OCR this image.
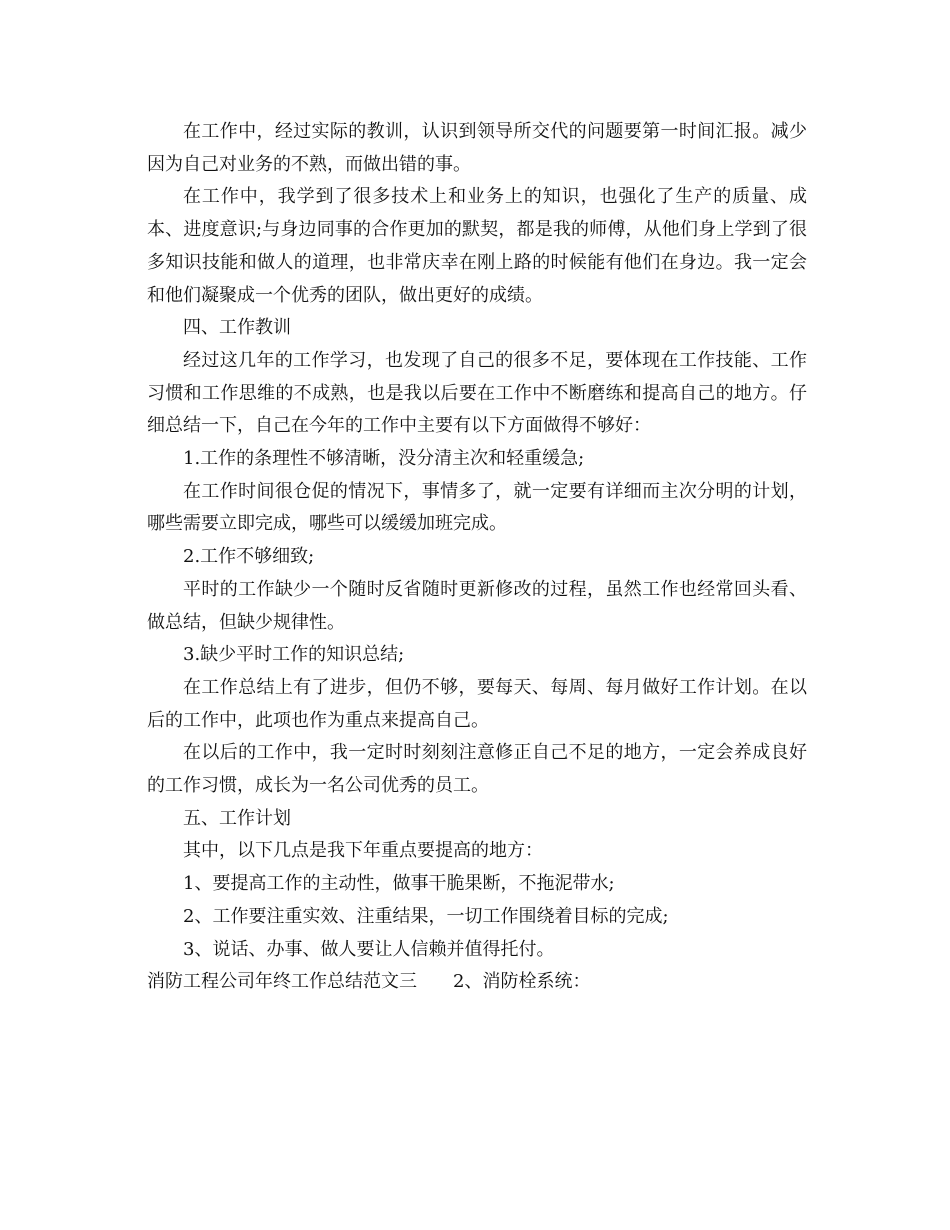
在工作中，经过实际的教训，认识到领导所交代的问题要第一时间汇报。减少因为自己对业务的不熟，而做出错的事。

在工作中，我学到了很多技术上和业务上的知识，也强化了生产的质量、成本、进度意识;与身边同事的合作更加的默契，都是我的师傅，从他们身上学到了很多知识技能和做人的道理，也非常庆幸在刚上路的时候能有他们在身边。我一定会和他们凝聚成一个优秀的团队，做出更好的成绩。

四、工作教训

经过这几年的工作学习，也发现了自己的很多不足，要体现在工作技能、工作习惯和工作思维的不成熟，也是我以后要在工作中不断磨练和提高自己的地方。仔细总结一下，自己在今年的工作中主要有以下方面做得不够好：

1.工作的条理性不够清晰，没分清主次和轻重缓急;

在工作时间很仓促的情况下，事情多了，就一定要有详细而主次分明的计划，哪些需要立即完成，哪些可以缓缓加班完成。

2.工作不够细致;

平时的工作缺少一个随时反省随时更新修改的过程，虽然工作也经常回头看、做总结，但缺少规律性。

3.缺少平时工作的知识总结;

在工作总结上有了进步，但仍不够，要每天、每周、每月做好工作计划。在以后的工作中，此项也作为重点来提高自己。

在以后的工作中，我一定时时刻刻注意修正自己不足的地方，一定会养成良好的工作习惯，成长为一名公司优秀的员工。

五、工作计划

其中，以下几点是我下年重点要提高的地方：

1、要提高工作的主动性，做事干脆果断，不拖泥带水;

2、工作要注重实效、注重结果，一切工作围绕着目标的完成;

3、说话、办事、做人要让人信赖并值得托付。

消防工程公司年终工作总结范文三　　2、消防栓系统：
